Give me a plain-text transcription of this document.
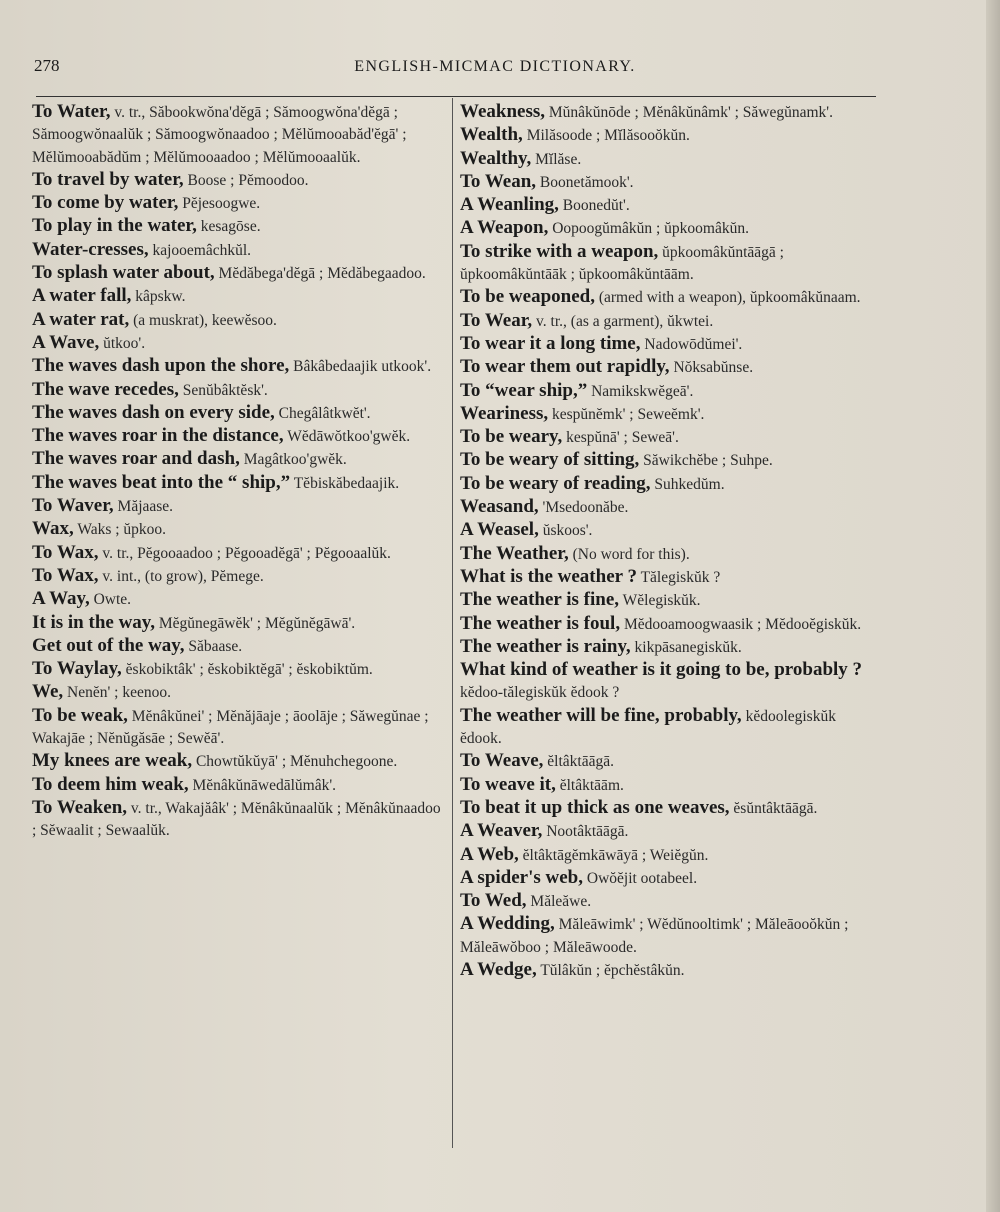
278	ENGLISH-MICMAC DICTIONARY.
To Water, v. tr., Săbookwŏna'dĕgā ; Sămoogwŏna'dĕgā ; Sămoogwŏnaalŭk ; Sămoogwŏnaadoo ; Mĕlŭmooabăd'ĕgā' ; Mĕlŭmooabădŭm ; Mĕlŭmooaadoo ; Mĕlŭmooaalŭk.
To travel by water, Boose ; Pĕmoodoo.
To come by water, Pĕjesoogwe.
To play in the water, kesagōse.
Water-cresses, kajooemâchkŭl.
To splash water about, Mĕdăbega'dĕgā ; Mĕdăbegaadoo.
A water fall, kâpskw.
A water rat, (a muskrat), keewĕsoo.
A Wave, ŭtkoo'.
The waves dash upon the shore, Bâkâbedaajik utkook'.
The wave recedes, Senŭbâktĕsk'.
The waves dash on every side, Chegâlâtkwĕt'.
The waves roar in the distance, Wĕdāwŏtkoo'gwĕk.
The waves roar and dash, Magâtkoo'gwĕk.
The waves beat into the “ ship,” Tĕbiskăbedaajik.
To Waver, Măjaase.
Wax, Waks ; ŭpkoo.
To Wax, v. tr., Pĕgooaadoo ; Pĕgooadĕgā' ; Pĕgooaalŭk.
To Wax, v. int., (to grow), Pĕmege.
A Way, Owte.
It is in the way, Mĕgŭnegāwĕk' ; Mĕgŭnĕgāwā'.
Get out of the way, Săbaase.
To Waylay, ĕskobiktâk' ; ĕskobiktĕgā' ; ĕskobiktŭm.
We, Nenĕn' ; keenoo.
To be weak, Mĕnâkŭnei' ; Mĕnăjāaje ; āoolāje ; Săwegŭnae ; Wakajāe ; Nĕnŭgăsāe ; Sewĕā'.
My knees are weak, Chowtŭkŭyā' ; Mĕnuhchegoone.
To deem him weak, Mĕnâkŭnāwedālŭmâk'.
To Weaken, v. tr., Wakajăâk' ; Mĕnâkŭnaalŭk ; Mĕnâkŭnaadoo ; Sĕwaalit ; Sewaalŭk.
Weakness, Mŭnâkŭnōde ; Mĕnâkŭnâmk' ; Săwegŭnamk'.
Wealth, Milăsoode ; Mĭlăsooŏkŭn.
Wealthy, Mĭlăse.
To Wean, Boonetămook'.
A Weanling, Boonedŭt'.
A Weapon, Oopoogŭmâkŭn ; ŭpkoomâkŭn.
To strike with a weapon, ŭpkoomâkŭntāāgā ; ŭpkoomâkŭntāāk ; ŭpkoomâkŭntāām.
To be weaponed, (armed with a weapon), ŭpkoomâkŭnaam.
To Wear, v. tr., (as a garment), ŭkwtei.
To wear it a long time, Nadowōdŭmei'.
To wear them out rapidly, Nŏksabŭnse.
To “wear ship,” Namikskwĕgeā'.
Weariness, kespŭnĕmk' ; Seweĕmk'.
To be weary, kespŭnā' ; Seweā'.
To be weary of sitting, Săwikchĕbe ; Suhpe.
To be weary of reading, Suhkedŭm.
Weasand, 'Msedoonăbe.
A Weasel, ŭskoos'.
The Weather, (No word for this).
What is the weather ? Tălegiskŭk ?
The weather is fine, Wĕlegiskŭk.
The weather is foul, Mĕdooamoogwaasik ; Mĕdooĕgiskŭk.
The weather is rainy, kikpāsanegiskŭk.
What kind of weather is it going to be, probably ?kĕdoo-tălegiskŭk ĕdook ?
The weather will be fine, probably, kĕdoolegiskŭk ĕdook.
To Weave, ĕltâktāāgā.
To weave it, ĕltâktāām.
To beat it up thick as one weaves, ĕsŭntâktāāgā.
A Weaver, Nootâktāāgā.
A Web, ĕltâktāgĕmkāwāyā ; Weiĕgŭn.
A spider's web, Owŏĕjit ootabeel.
To Wed, Măleăwe.
A Wedding, Măleāwimk' ; Wĕdŭnooltimk' ; Măleāooŏkŭn ; Măleāwŏboo ; Măleāwoode.
A Wedge, Tŭlâkŭn ; ĕpchĕstâkŭn.
